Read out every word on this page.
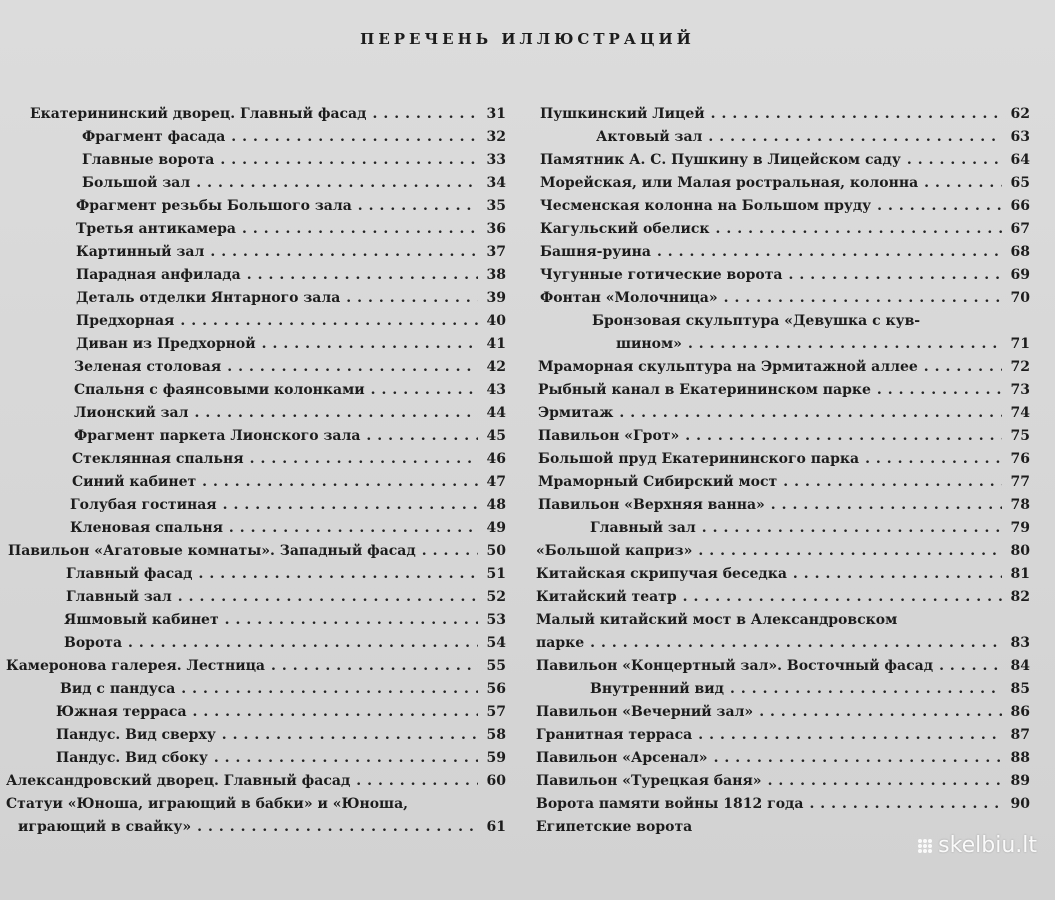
ПЕРЕЧЕНЬ ИЛЛЮСТРАЦИЙ
Екатерининский дворец. Главный фасад .....	31
Фрагмент фасада .....	32
Главные ворота .....	33
Большой зал .....	34
Фрагмент резьбы Большого зала .....	35
Третья антикамера .....	36
Картинный зал .....	37
Парадная анфилада .....	38
Деталь отделки Янтарного зала .....	39
Предхорная .....	40
Диван из Предхорной .....	41
Зеленая столовая .....	42
Спальня с фаянсовыми колонками .....	43
Лионский зал .....	44
Фрагмент паркета Лионского зала .....	45
Стеклянная спальня .....	46
Синий кабинет .....	47
Голубая гостиная .....	48
Кленовая спальня .....	49
Павильон «Агатовые комнаты». Западный фасад .....	50
Главный фасад .....	51
Главный зал .....	52
Яшмовый кабинет .....	53
Ворота .....	54
Камеронова галерея. Лестница .....	55
Вид с пандуса .....	56
Южная терраса .....	57
Пандус. Вид сверху .....	58
Пандус. Вид сбоку .....	59
Александровский дворец. Главный фасад .....	60
Статуи «Юноша, играющий в бабки» и «Юноша,
играющий в свайку» .....	61
Пушкинский Лицей .....	62
Актовый зал .....	63
Памятник А. С. Пушкину в Лицейском саду .....	64
Морейская, или Малая ростральная, колонна .....	65
Чесменская колонна на Большом пруду .....	66
Кагульский обелиск .....	67
Башня-руина .....	68
Чугунные готические ворота .....	69
Фонтан «Молочница» .....	70
Бронзовая скульптура «Девушка с кув-
шином» .....	71
Мраморная скульптура на Эрмитажной аллее .....	72
Рыбный канал в Екатерининском парке .....	73
Эрмитаж .....	74
Павильон «Грот» .....	75
Большой пруд Екатерининского парка .....	76
Мраморный Сибирский мост .....	77
Павильон «Верхняя ванна» .....	78
Главный зал .....	79
«Большой каприз» .....	80
Китайская скрипучая беседка .....	81
Китайский театр .....	82
Малый китайский мост в Александровском
парке .....	83
Павильон «Концертный зал». Восточный фасад .....	84
Внутренний вид .....	85
Павильон «Вечерний зал» .....	86
Гранитная терраса .....	87
Павильон «Арсенал» .....	88
Павильон «Турецкая баня» .....	89
Ворота памяти войны 1812 года .....	90
Египетские ворота
skelbiu.lt
